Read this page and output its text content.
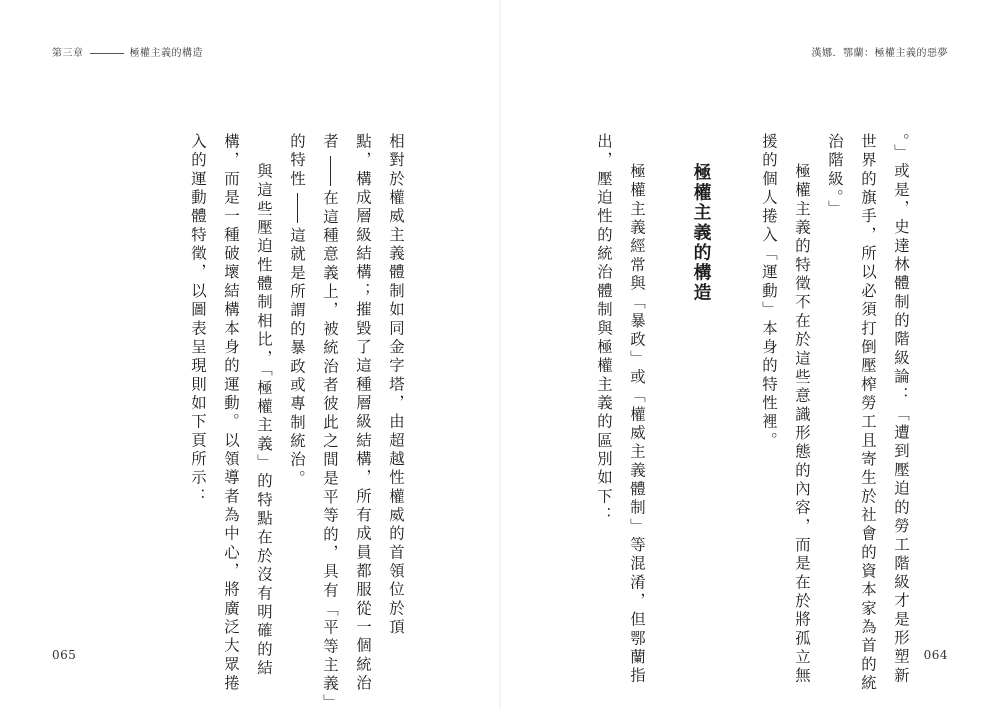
第三章	極權主義的構造
相對於權威主義體制如同金字塔，由超越性權威的首領位於頂
點，構成層級結構；摧毀了這種層級結構，所有成員都服從一個統治
者在這種意義上，被統治者彼此之間是平等的，具有「平等主義」
的特性這就是所謂的暴政或專制統治。
與這些壓迫性體制相比，「極權主義」的特點在於沒有明確的結
構，而是一種破壞結構本身的運動。以領導者為中心，將廣泛大眾捲
入的運動體特徵，以圖表呈現則如下頁所示：
065
漢娜．鄂蘭：極權主義的惡夢
。」或是，史達林體制的階級論：「遭到壓迫的勞工階級才是形塑新
世界的旗手，所以必須打倒壓榨勞工且寄生於社會的資本家為首的統
治階級。」
極權主義的特徵不在於這些意識形態的內容，而是在於將孤立無
援的個人捲入「運動」本身的特性裡。
極權主義的構造
極權主義經常與「暴政」或「權威主義體制」等混淆，但鄂蘭指
出，壓迫性的統治體制與極權主義的區別如下：
064
